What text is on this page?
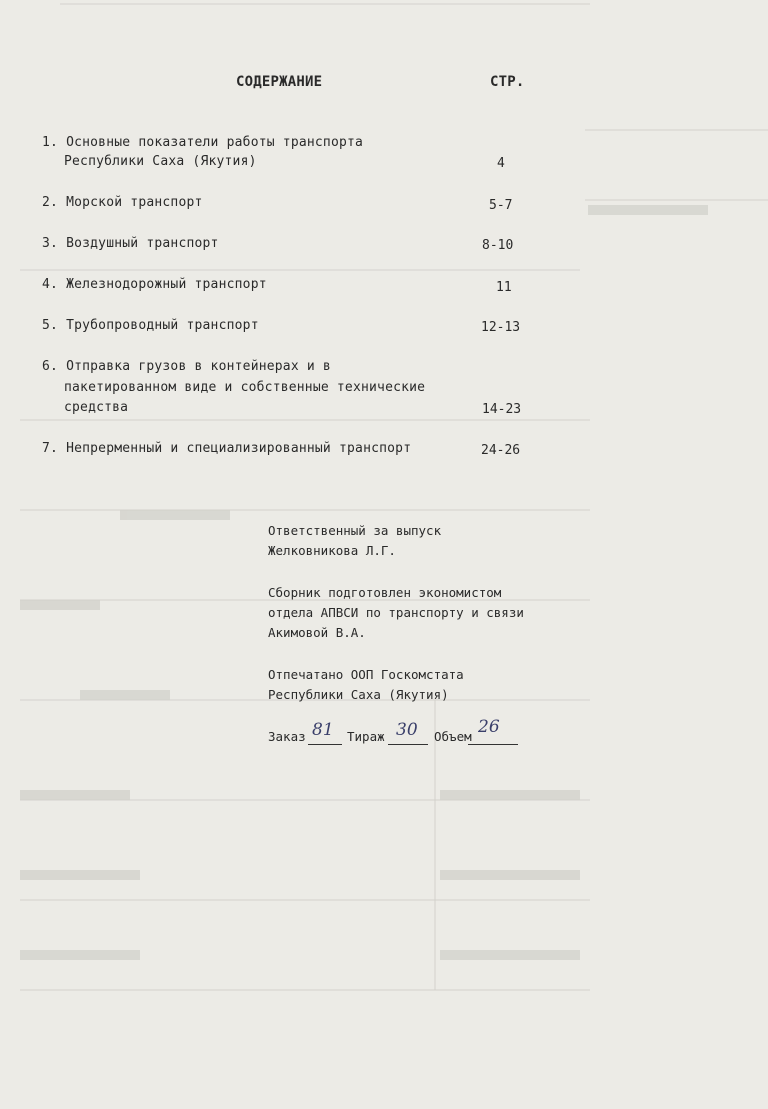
СОДЕРЖАНИЕ	СТР.
1. Основные показатели работы транспорта
Республики Саха (Якутия)	4
2. Морской транспорт	5-7
3. Воздушный транспорт	8-10
4. Железнодорожный транспорт	11
5. Трубопроводный транспорт	12-13
6. Отправка грузов в контейнерах и в
пакетированном виде и собственные технические
средства	14-23
7. Непрерменный и специализированный транспорт	24-26
Ответственный за выпуск
Желковникова Л.Г.
Сборник подготовлен экономистом
отдела АПВСИ по транспорту и связи
Акимовой В.А.
Отпечатано ООП Госкомстата
Республики Саха (Якутия)
Заказ 81 Тираж 30 Объем 26
